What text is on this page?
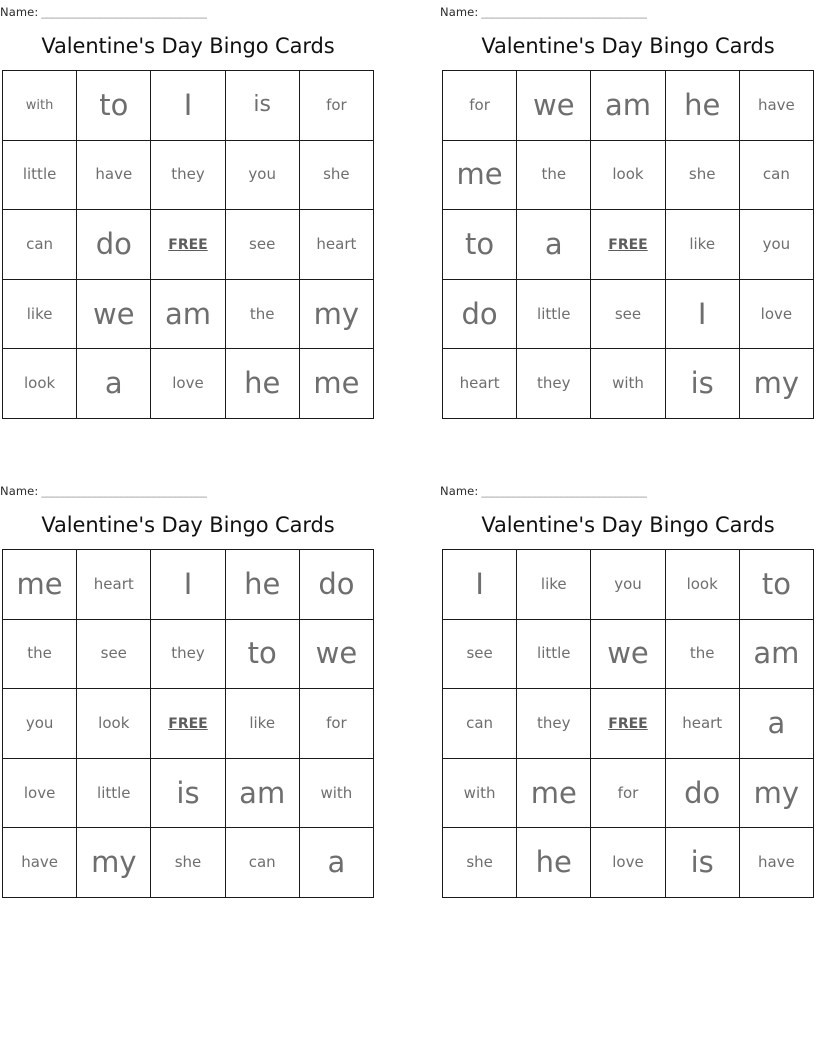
Name: _______________________________
Valentine's Day Bingo Cards
with	to	I	is	for
little	have	they	you	she
can	do	FREE	see	heart
like	we	am	the	my
look	a	love	he	me
Name: _______________________________
Valentine's Day Bingo Cards
for	we	am	he	have
me	the	look	she	can
to	a	FREE	like	you
do	little	see	I	love
heart	they	with	is	my
Name: _______________________________
Valentine's Day Bingo Cards
me	heart	I	he	do
the	see	they	to	we
you	look	FREE	like	for
love	little	is	am	with
have	my	she	can	a
Name: _______________________________
Valentine's Day Bingo Cards
I	like	you	look	to
see	little	we	the	am
can	they	FREE	heart	a
with	me	for	do	my
she	he	love	is	have
